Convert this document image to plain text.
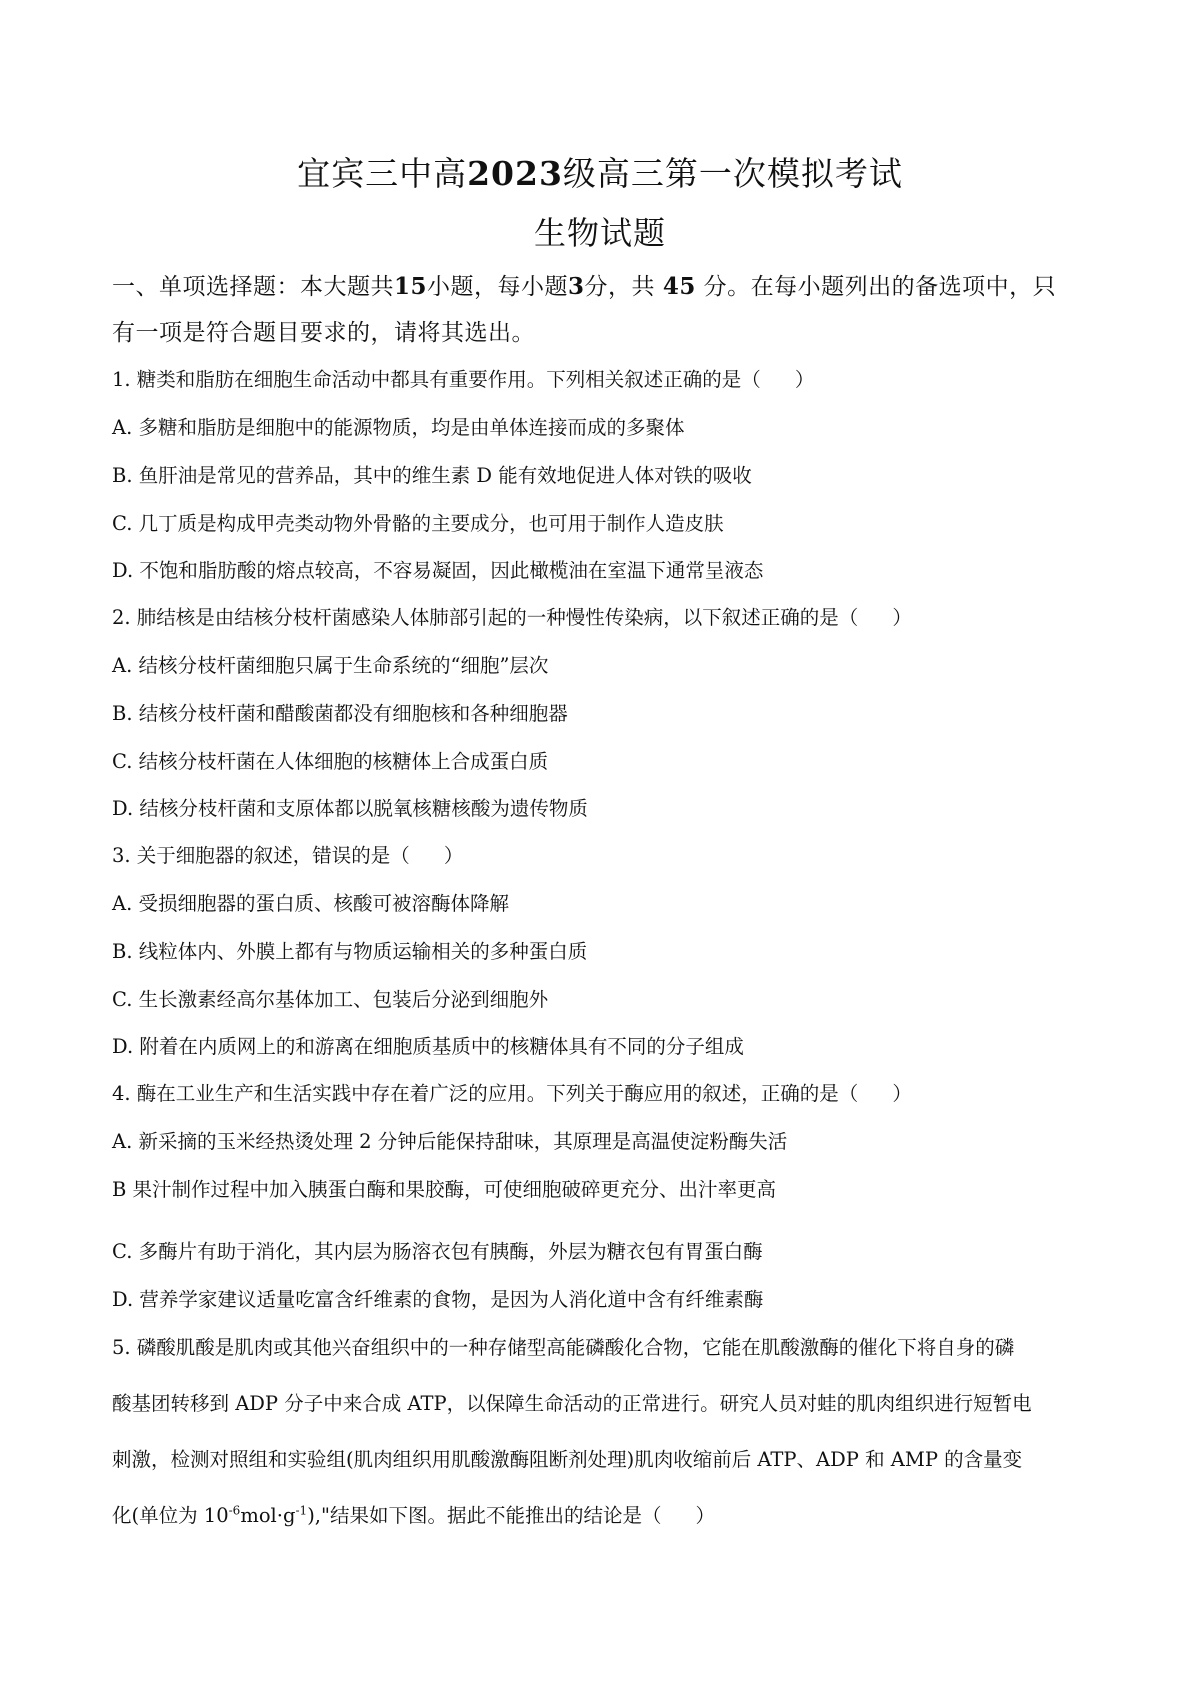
宜宾三中高2023级高三第一次模拟考试
生物试题
一、单项选择题：本大题共15小题，每小题3分，共 45 分。在每小题列出的备选项中，只
有一项是符合题目要求的，请将其选出。
1. 糖类和脂肪在细胞生命活动中都具有重要作用。下列相关叙述正确的是（ ）
A. 多糖和脂肪是细胞中的能源物质，均是由单体连接而成的多聚体
B. 鱼肝油是常见的营养品，其中的维生素 D 能有效地促进人体对铁的吸收
C. 几丁质是构成甲壳类动物外骨骼的主要成分，也可用于制作人造皮肤
D. 不饱和脂肪酸的熔点较高，不容易凝固，因此橄榄油在室温下通常呈液态
2. 肺结核是由结核分枝杆菌感染人体肺部引起的一种慢性传染病，以下叙述正确的是（ ）
A. 结核分枝杆菌细胞只属于生命系统的“细胞”层次
B. 结核分枝杆菌和醋酸菌都没有细胞核和各种细胞器
C. 结核分枝杆菌在人体细胞的核糖体上合成蛋白质
D. 结核分枝杆菌和支原体都以脱氧核糖核酸为遗传物质
3. 关于细胞器的叙述，错误的是（ ）
A. 受损细胞器的蛋白质、核酸可被溶酶体降解
B. 线粒体内、外膜上都有与物质运输相关的多种蛋白质
C. 生长激素经高尔基体加工、包装后分泌到细胞外
D. 附着在内质网上的和游离在细胞质基质中的核糖体具有不同的分子组成
4. 酶在工业生产和生活实践中存在着广泛的应用。下列关于酶应用的叙述，正确的是（ ）
A. 新采摘的玉米经热烫处理 2 分钟后能保持甜味，其原理是高温使淀粉酶失活
B 果汁制作过程中加入胰蛋白酶和果胶酶，可使细胞破碎更充分、出汁率更高
C. 多酶片有助于消化，其内层为肠溶衣包有胰酶，外层为糖衣包有胃蛋白酶
D. 营养学家建议适量吃富含纤维素的食物，是因为人消化道中含有纤维素酶
5. 磷酸肌酸是肌肉或其他兴奋组织中的一种存储型高能磷酸化合物，它能在肌酸激酶的催化下将自身的磷
酸基团转移到 ADP 分子中来合成 ATP，以保障生命活动的正常进行。研究人员对蛙的肌肉组织进行短暂电
刺激，检测对照组和实验组(肌肉组织用肌酸激酶阻断剂处理)肌肉收缩前后 ATP、ADP 和 AMP 的含量变
化(单位为 $10^{-6}mol\cdot g^{-1}$),"结果如下图。据此不能推出的结论是（ ）
